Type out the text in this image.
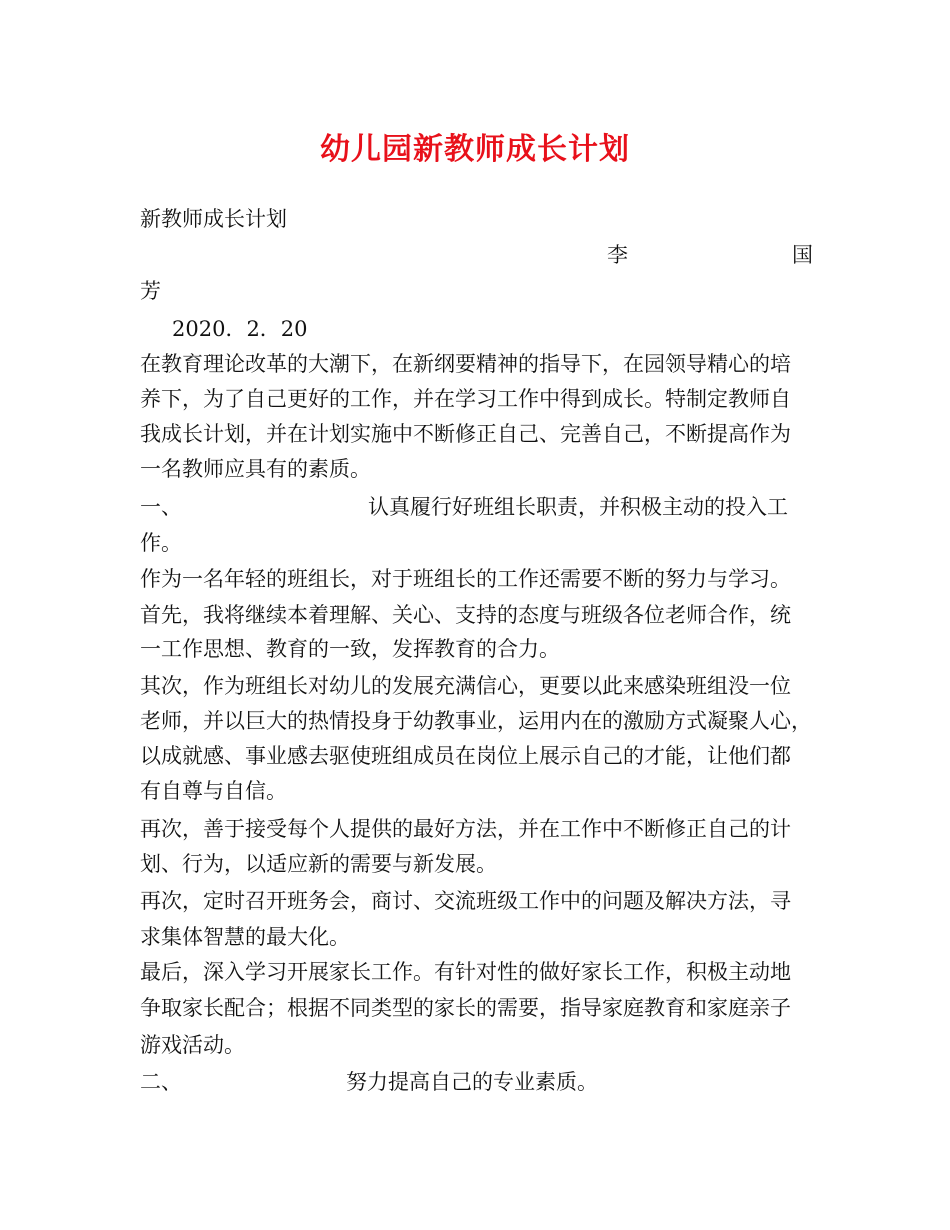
幼儿园新教师成长计划
新教师成长计划
李	国
芳
2020．2．20
在教育理论改革的大潮下，在新纲要精神的指导下，在园领导精心的培
养下，为了自己更好的工作，并在学习工作中得到成长。特制定教师自
我成长计划，并在计划实施中不断修正自己、完善自己，不断提高作为
一名教师应具有的素质。
一、	认真履行好班组长职责，并积极主动的投入工
作。
作为一名年轻的班组长，对于班组长的工作还需要不断的努力与学习。
首先，我将继续本着理解、关心、支持的态度与班级各位老师合作，统
一工作思想、教育的一致，发挥教育的合力。
其次，作为班组长对幼儿的发展充满信心，更要以此来感染班组没一位
老师，并以巨大的热情投身于幼教事业，运用内在的激励方式凝聚人心，
以成就感、事业感去驱使班组成员在岗位上展示自己的才能，让他们都
有自尊与自信。
再次，善于接受每个人提供的最好方法，并在工作中不断修正自己的计
划、行为，以适应新的需要与新发展。
再次，定时召开班务会，商讨、交流班级工作中的问题及解决方法，寻
求集体智慧的最大化。
最后，深入学习开展家长工作。有针对性的做好家长工作，积极主动地
争取家长配合；根据不同类型的家长的需要，指导家庭教育和家庭亲子
游戏活动。
二、	努力提高自己的专业素质。
